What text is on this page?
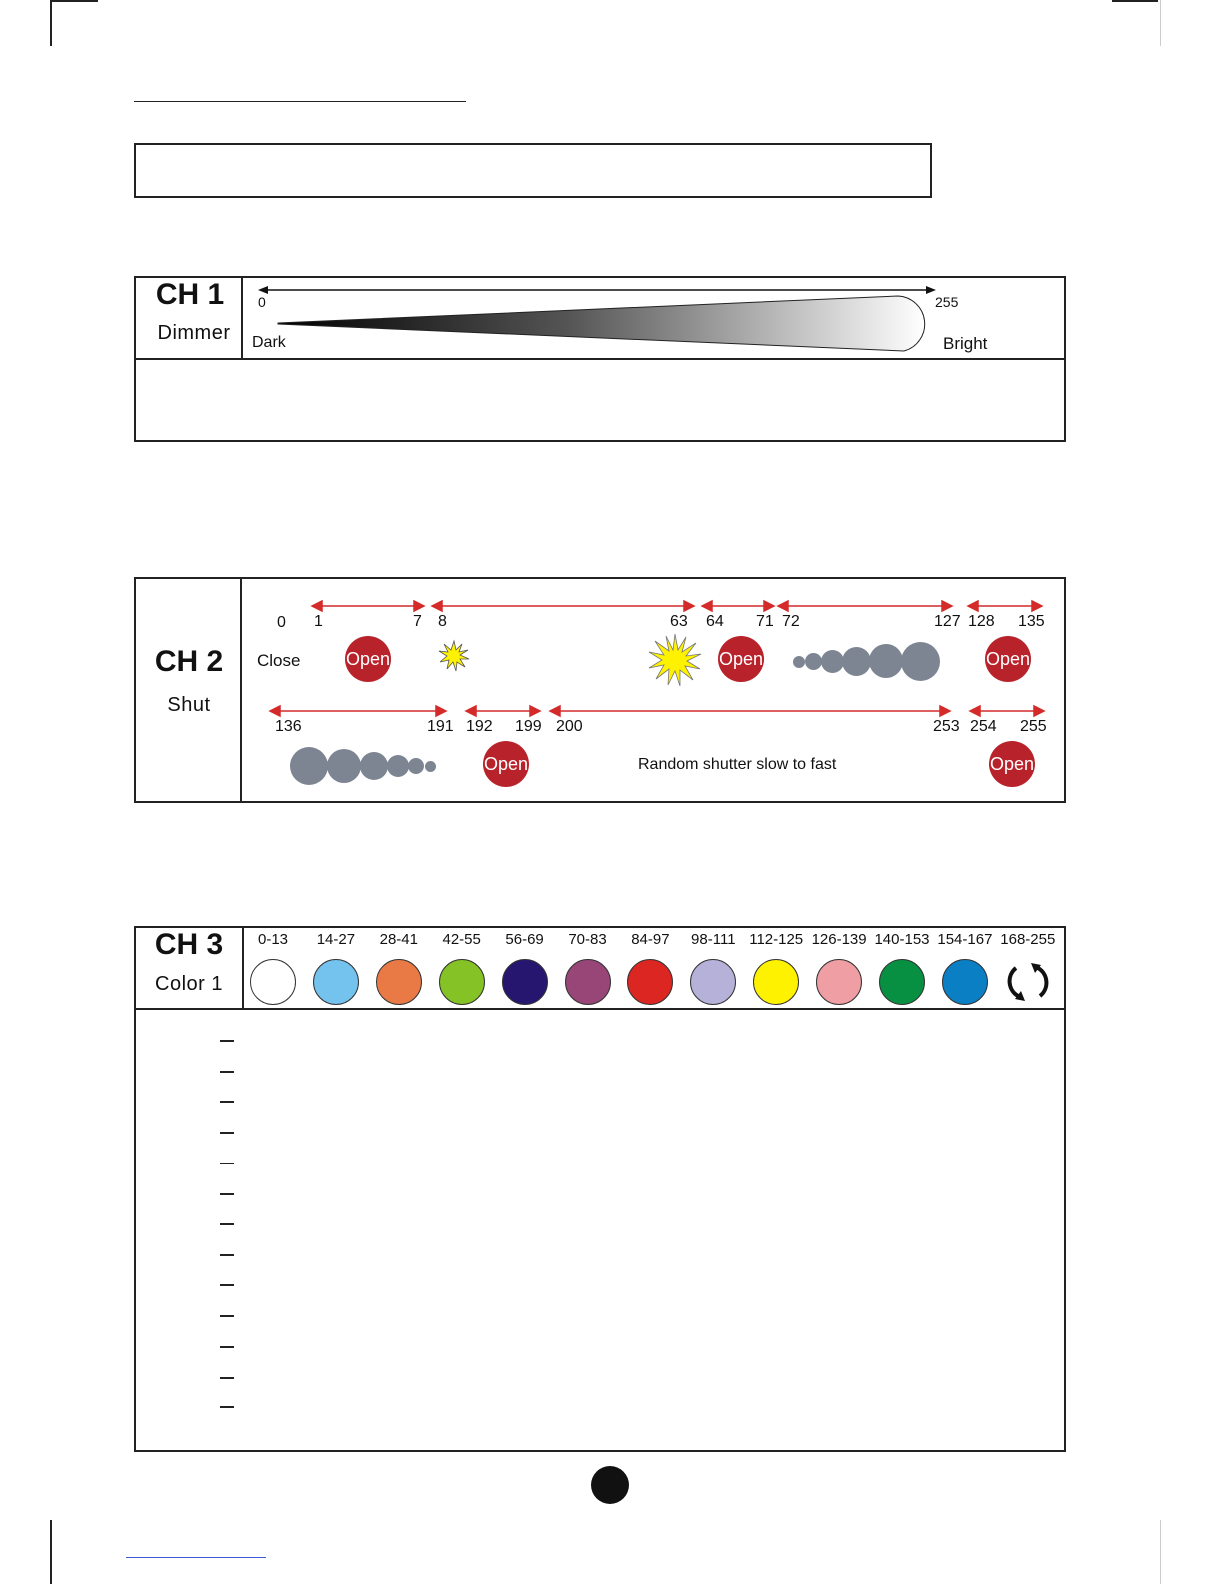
CH 1
Dimmer
0	255
Dark	Bright
CH 2
Shut
0 1	7 8	63 64 71 72	127 128 135
Close	Open	Open	Open
136	191 192 199 200	253 254 255
Open	Random shutter slow to fast	Open
CH 3
Color 1
0-13 14-27 28-41 42-55 56-69 70-83 84-97 98-111 112-125 126-139 140-153 154-167 168-255
